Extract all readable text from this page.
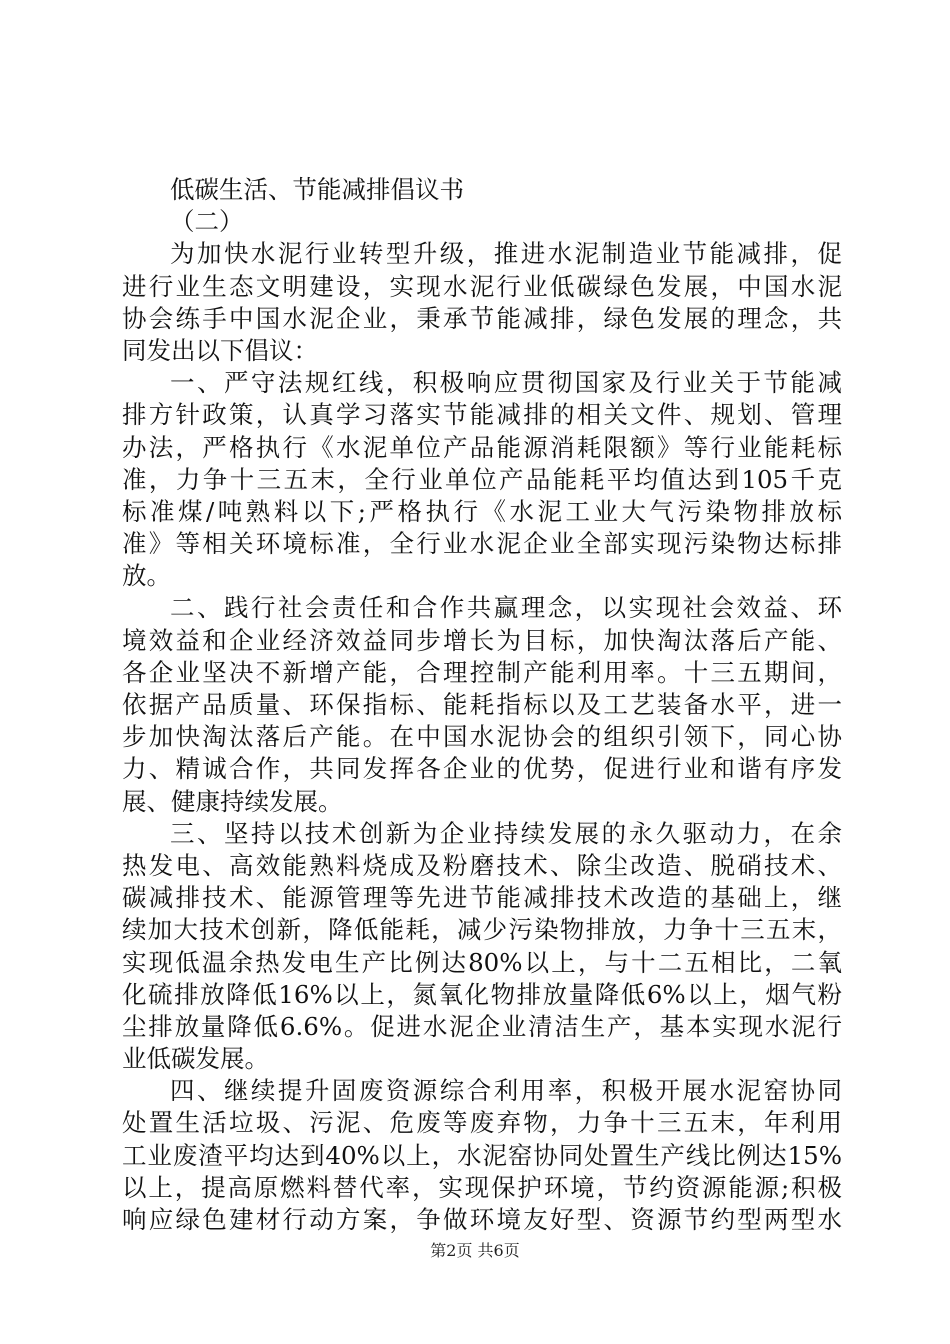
低碳生活、节能减排倡议书
（二）
为加快水泥行业转型升级，推进水泥制造业节能减排，促
进行业生态文明建设，实现水泥行业低碳绿色发展，中国水泥
协会练手中国水泥企业，秉承节能减排，绿色发展的理念，共
同发出以下倡议：
一、严守法规红线，积极响应贯彻国家及行业关于节能减
排方针政策，认真学习落实节能减排的相关文件、规划、管理
办法，严格执行《水泥单位产品能源消耗限额》等行业能耗标
准，力争十三五末，全行业单位产品能耗平均值达到105千克
标准煤/吨熟料以下;严格执行《水泥工业大气污染物排放标
准》等相关环境标准，全行业水泥企业全部实现污染物达标排
放。
二、践行社会责任和合作共赢理念，以实现社会效益、环
境效益和企业经济效益同步增长为目标，加快淘汰落后产能、
各企业坚决不新增产能，合理控制产能利用率。十三五期间，
依据产品质量、环保指标、能耗指标以及工艺装备水平，进一
步加快淘汰落后产能。在中国水泥协会的组织引领下，同心协
力、精诚合作，共同发挥各企业的优势，促进行业和谐有序发
展、健康持续发展。
三、坚持以技术创新为企业持续发展的永久驱动力，在余
热发电、高效能熟料烧成及粉磨技术、除尘改造、脱硝技术、
碳减排技术、能源管理等先进节能减排技术改造的基础上，继
续加大技术创新，降低能耗，减少污染物排放，力争十三五末，
实现低温余热发电生产比例达80%以上，与十二五相比，二氧
化硫排放降低16%以上，氮氧化物排放量降低6%以上，烟气粉
尘排放量降低6.6%。促进水泥企业清洁生产，基本实现水泥行
业低碳发展。
四、继续提升固废资源综合利用率，积极开展水泥窑协同
处置生活垃圾、污泥、危废等废弃物，力争十三五末，年利用
工业废渣平均达到40%以上，水泥窑协同处置生产线比例达15%
以上，提高原燃料替代率，实现保护环境，节约资源能源;积极
响应绿色建材行动方案，争做环境友好型、资源节约型两型水
第2页 共6页
